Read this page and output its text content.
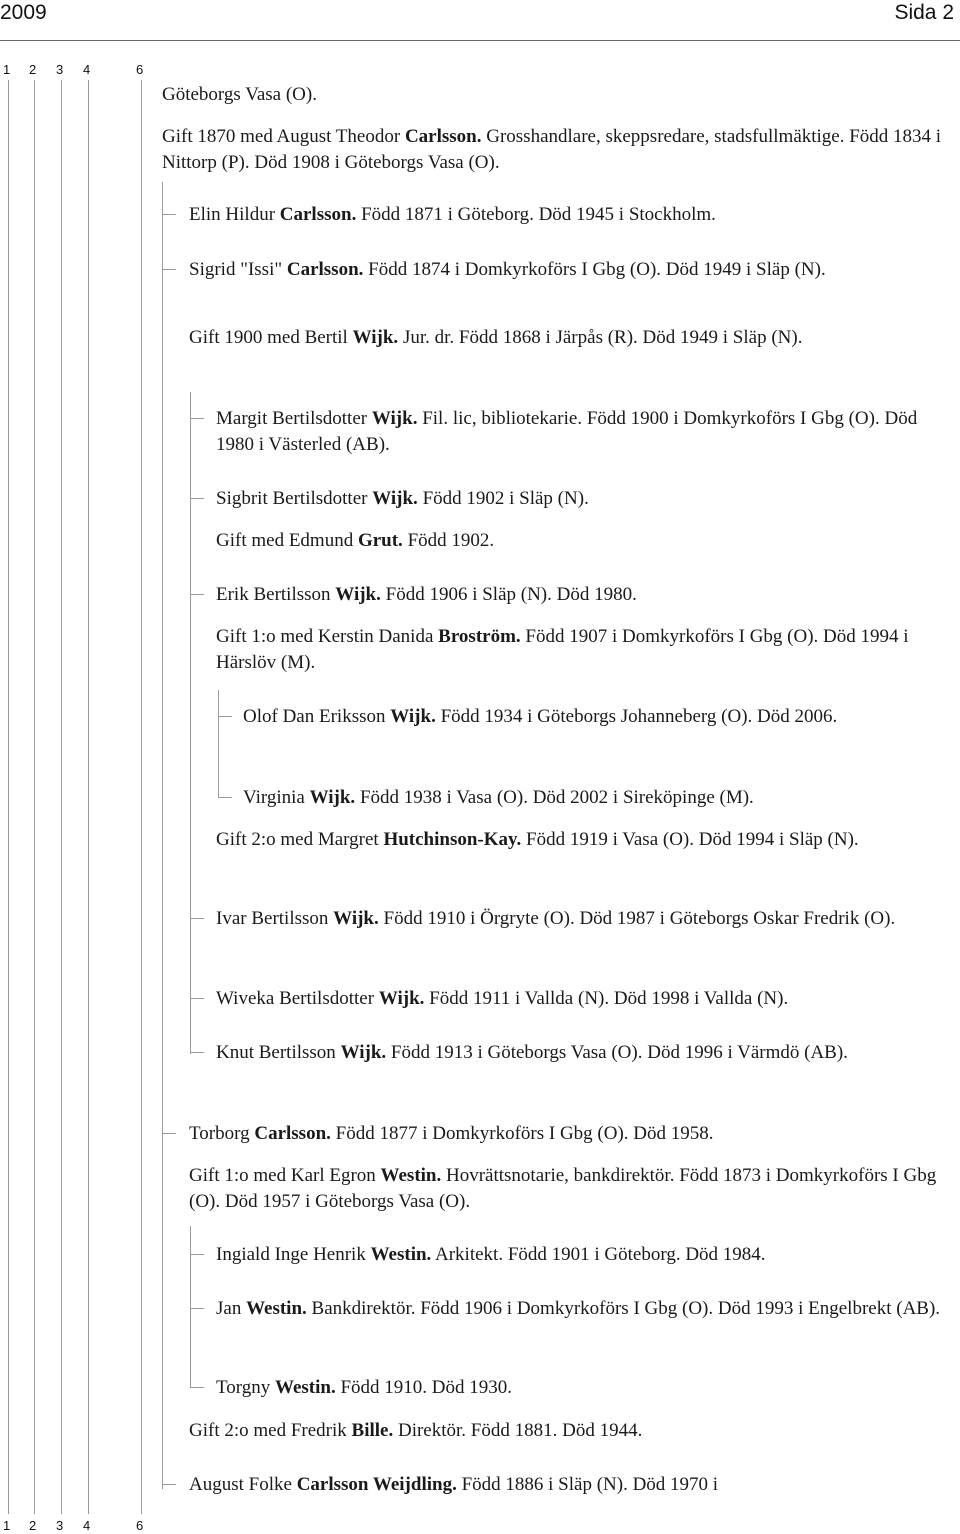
2009	Sida 2
1 2 3 4	6
1 2 3 4	6

Göteborgs Vasa (O).

Gift 1870 med August Theodor Carlsson. Grosshandlare, skeppsredare, stadsfullmäktige. Född 1834 i Nittorp (P). Död 1908 i Göteborgs Vasa (O).

Elin Hildur Carlsson. Född 1871 i Göteborg. Död 1945 i Stockholm.

Sigrid "Issi" Carlsson. Född 1874 i Domkyrkoförs I Gbg (O). Död 1949 i Släp (N).

Gift 1900 med Bertil Wijk. Jur. dr. Född 1868 i Järpås (R). Död 1949 i Släp (N).

Margit Bertilsdotter Wijk. Fil. lic, bibliotekarie. Född 1900 i Domkyrkoförs I Gbg (O). Död 1980 i Västerled (AB).

Sigbrit Bertilsdotter Wijk. Född 1902 i Släp (N).

Gift med Edmund Grut. Född 1902.

Erik Bertilsson Wijk. Född 1906 i Släp (N). Död 1980.

Gift 1:o med Kerstin Danida Broström. Född 1907 i Domkyrkoförs I Gbg (O). Död 1994 i Härslöv (M).

Olof Dan Eriksson Wijk. Född 1934 i Göteborgs Johanneberg (O). Död 2006.

Virginia Wijk. Född 1938 i Vasa (O). Död 2002 i Sireköpinge (M).

Gift 2:o med Margret Hutchinson-Kay. Född 1919 i Vasa (O). Död 1994 i Släp (N).

Ivar Bertilsson Wijk. Född 1910 i Örgryte (O). Död 1987 i Göteborgs Oskar Fredrik (O).

Wiveka Bertilsdotter Wijk. Född 1911 i Vallda (N). Död 1998 i Vallda (N).

Knut Bertilsson Wijk. Född 1913 i Göteborgs Vasa (O). Död 1996 i Värmdö (AB).

Torborg Carlsson. Född 1877 i Domkyrkoförs I Gbg (O). Död 1958.

Gift 1:o med Karl Egron Westin. Hovrättsnotarie, bankdirektör. Född 1873 i Domkyrkoförs I Gbg (O). Död 1957 i Göteborgs Vasa (O).

Ingiald Inge Henrik Westin. Arkitekt. Född 1901 i Göteborg. Död 1984.

Jan Westin. Bankdirektör. Född 1906 i Domkyrkoförs I Gbg (O). Död 1993 i Engelbrekt (AB).

Torgny Westin. Född 1910. Död 1930.

Gift 2:o med Fredrik Bille. Direktör. Född 1881. Död 1944.

August Folke Carlsson Weijdling. Född 1886 i Släp (N). Död 1970 i
